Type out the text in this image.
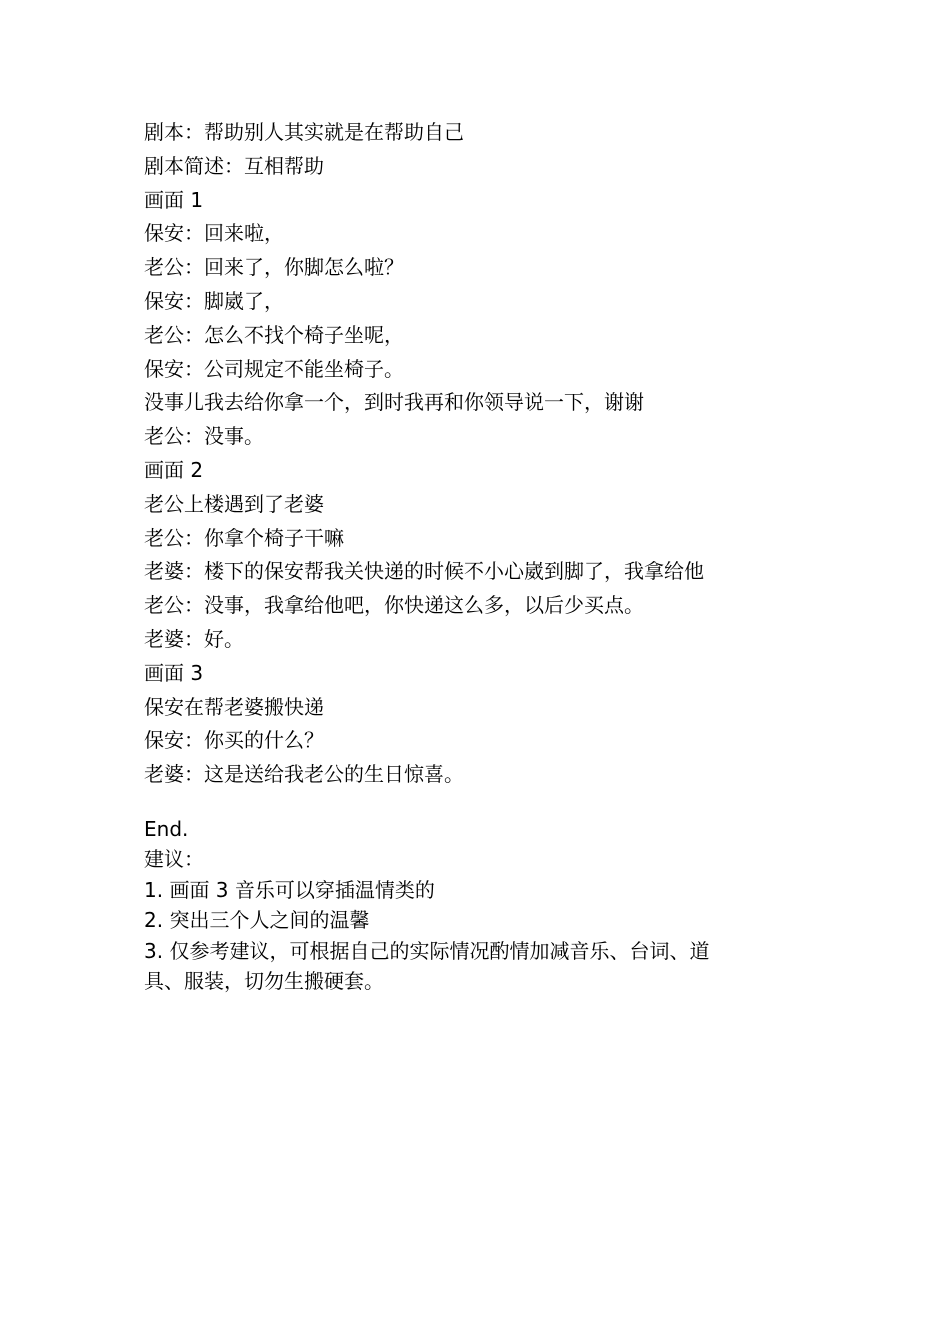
剧本：帮助别人其实就是在帮助自己
剧本简述：互相帮助
画面 1
保安：回来啦，
老公：回来了，你脚怎么啦？
保安：脚崴了，
老公：怎么不找个椅子坐呢，
保安：公司规定不能坐椅子。
没事儿我去给你拿一个，到时我再和你领导说一下，谢谢
老公：没事。
画面 2
老公上楼遇到了老婆
老公：你拿个椅子干嘛
老婆：楼下的保安帮我关快递的时候不小心崴到脚了，我拿给他
老公：没事，我拿给他吧，你快递这么多，以后少买点。
老婆：好。
画面 3
保安在帮老婆搬快递
保安：你买的什么？
老婆：这是送给我老公的生日惊喜。
End.
建议：
1. 画面 3 音乐可以穿插温情类的
2. 突出三个人之间的温馨
3. 仅参考建议，可根据自己的实际情况酌情加减音乐、台词、道具、服装，切勿生搬硬套。
